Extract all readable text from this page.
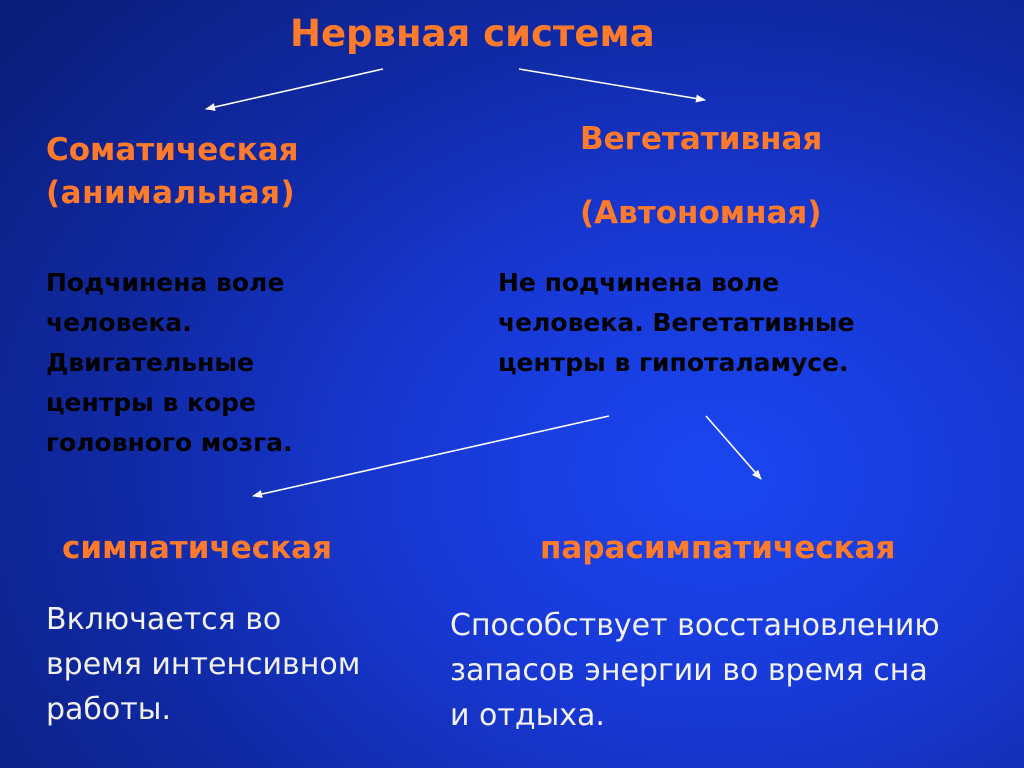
Нервная система

Соматическая

(анимальная)

Вегетативная

(Автономная)

Подчинена воле
человека.
Двигательные
центры в коре
головного мозга.

Не подчинена воле
человека. Вегетативные
центры в гипоталамусе.

симпатическая	парасимпатическая

Включается во
время интенсивном
работы.

Способствует восстановлению
запасов энергии во время сна
и отдыха.
